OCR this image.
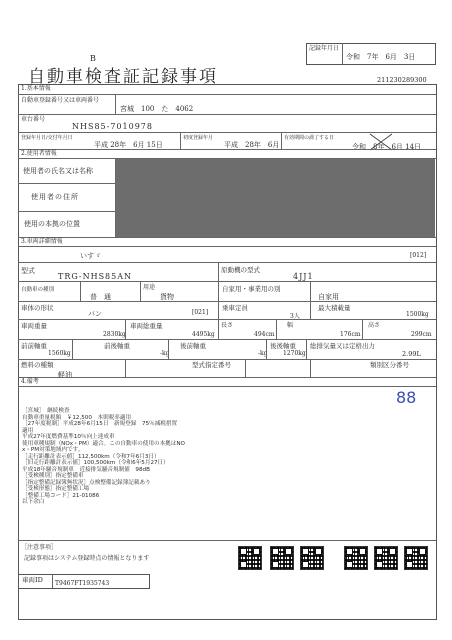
B
自動車検査証記録事項
記録年月日
令和　7年　6月　3日
211230289300
1.基本情報
自動車登録番号又は車両番号
宮城　100　た　4062
車台番号
NHS85-7010978
登録年月日/交付年月日
平成 28年　6月 15日
初度登録年月
平成　28年　6月
有効期間の満了する日
令和　8年　6月 14日
2.使用者情報
使用者の氏名又は名称
使用者の住所
使用の本拠の位置
3.車両詳細情報
いすゞ	[012]
型式
TRG-NHS85AN
原動機の型式
4JJ1
自動車の種別
普　通
用途
貨物
自家用・事業用の別
自家用
車体の形状
バン	[021]
乗車定員
3人
最大積載量
1500kg
車両重量
2830kg
車両総重量
4495kg
長さ
494cm
幅
176cm
高さ
299cm
前前軸重
1560kg
前後軸重
-kg
後前軸重
-kg
後後軸重
1270kg
総排気量又は定格出力
2.99L
燃料の種類
軽油
型式指定番号	類別区分番号
4.備考
88
［宮城］　継続検査
自動車重量税額　￥12,500　本則税率適用
［27年度税制］平成28年6月15日　新規登録　75％減税措置
適用
平成27年度燃費基準10％向上達成車
使用車種規制（NOx・PM）適合。この自動車の使用の本拠はNO
x・PM対策地域内です。
［走行距離計表示値］112,500km（令和7年6月3日）
［旧走行距離計表示値］100,500km（令和6年5月27日）
平成18年騒音規制車　近接排気騒音規制値　98dB
［受検種別］指定整備車
［指定整備記録簿無状況］点検整備記録簿記載あり
［受検形態］指定整備工場
［整備工場コード］21-01086
以下余白
［注意事項］
記録事項はシステム登録時点の情報となります
車両ID T9467FT1935743
